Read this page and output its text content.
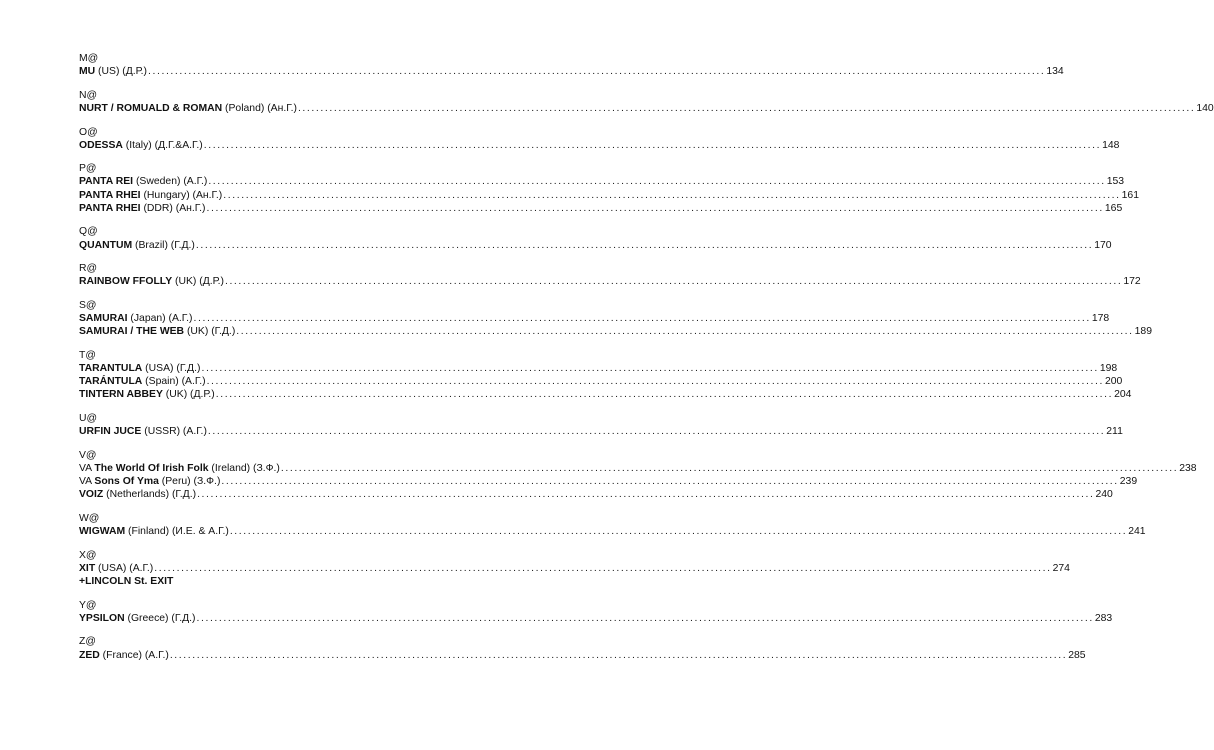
M@
MU (US) (Д.Р.) ........................................................................................................................................................................................................ 134
N@
NURT / ROMUALD & ROMAN (Poland) (Ан.Г.) ........................................................................................................................................................................................................ 140
O@
ODESSA (Italy) (Д.Г.&А.Г.) ........................................................................................................................................................................................................ 148
P@
PANTA REI (Sweden) (А.Г.) ........................................................................................................................................................................................................ 153
PANTA RHEI (Hungary) (Ан.Г.) ........................................................................................................................................................................................................ 161
PANTA RHEI (DDR) (Ан.Г.) ........................................................................................................................................................................................................ 165
Q@
QUANTUM (Brazil) (Г.Д.) ........................................................................................................................................................................................................ 170
R@
RAINBOW FFOLLY (UK) (Д.Р.) ........................................................................................................................................................................................................ 172
S@
SAMURAI (Japan) (А.Г.) ........................................................................................................................................................................................................ 178
SAMURAI / THE WEB (UK) (Г.Д.) ........................................................................................................................................................................................................ 189
T@
TARANTULA (USA) (Г.Д.) ........................................................................................................................................................................................................ 198
TARÁNTULA (Spain) (А.Г.) ........................................................................................................................................................................................................ 200
TINTERN ABBEY (UK) (Д.Р.) ........................................................................................................................................................................................................ 204
U@
URFIN JUCE (USSR) (А.Г.) ........................................................................................................................................................................................................ 211
V@
VA The World Of Irish Folk (Ireland) (З.Ф.) ........................................................................................................................................................................................................ 238
VA Sons Of Yma (Peru) (З.Ф.) ........................................................................................................................................................................................................ 239
VOIZ (Netherlands) (Г.Д.) ........................................................................................................................................................................................................ 240
W@
WIGWAM (Finland) (И.Е. & А.Г.) ........................................................................................................................................................................................................ 241
X@
XIT (USA) (А.Г.) ........................................................................................................................................................................................................ 274
+LINCOLN St. EXIT
Y@
YPSILON (Greece) (Г.Д.) ........................................................................................................................................................................................................ 283
Z@
ZED (France) (А.Г.) ........................................................................................................................................................................................................ 285
